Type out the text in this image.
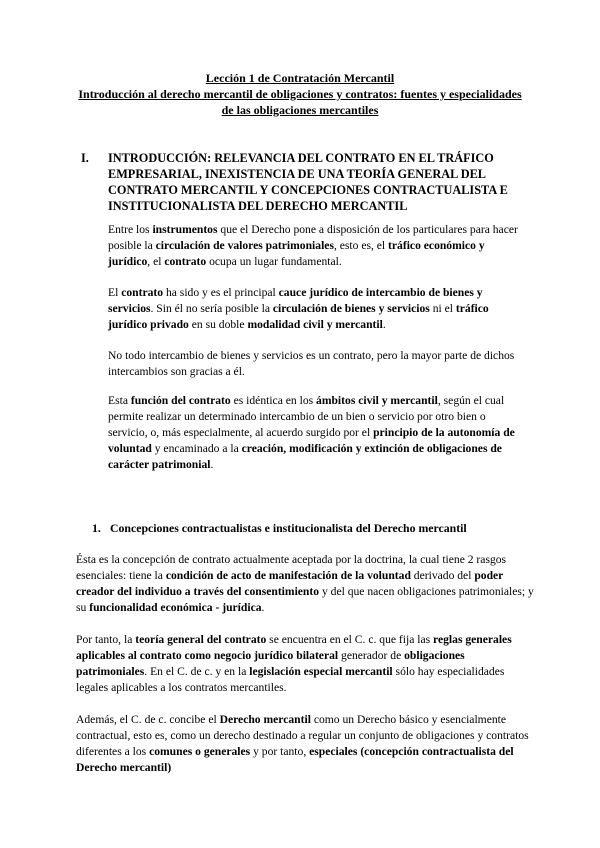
Lección 1 de Contratación Mercantil
Introducción al derecho mercantil de obligaciones y contratos: fuentes y especialidades
de las obligaciones mercantiles
I. INTRODUCCIÓN: RELEVANCIA DEL CONTRATO EN EL TRÁFICO EMPRESARIAL, INEXISTENCIA DE UNA TEORÍA GENERAL DEL CONTRATO MERCANTIL Y CONCEPCIONES CONTRACTUALISTA E INSTITUCIONALISTA DEL DERECHO MERCANTIL

Entre los instrumentos que el Derecho pone a disposición de los particulares para hacer posible la circulación de valores patrimoniales, esto es, el tráfico económico y jurídico, el contrato ocupa un lugar fundamental.

El contrato ha sido y es el principal cauce jurídico de intercambio de bienes y servicios. Sin él no sería posible la circulación de bienes y servicios ni el tráfico jurídico privado en su doble modalidad civil y mercantil.

No todo intercambio de bienes y servicios es un contrato, pero la mayor parte de dichos intercambios son gracias a él.

Esta función del contrato es idéntica en los ámbitos civil y mercantil, según el cual permite realizar un determinado intercambio de un bien o servicio por otro bien o servicio, o, más especialmente, al acuerdo surgido por el principio de la autonomía de voluntad y encaminado a la creación, modificación y extinción de obligaciones de carácter patrimonial.

1. Concepciones contractualistas e institucionalista del Derecho mercantil

Ésta es la concepción de contrato actualmente aceptada por la doctrina, la cual tiene 2 rasgos esenciales: tiene la condición de acto de manifestación de la voluntad derivado del poder creador del individuo a través del consentimiento y del que nacen obligaciones patrimoniales; y su funcionalidad económica - jurídica.

Por tanto, la teoría general del contrato se encuentra en el C. c. que fija las reglas generales aplicables al contrato como negocio jurídico bilateral generador de obligaciones patrimoniales. En el C. de c. y en la legislación especial mercantil sólo hay especialidades legales aplicables a los contratos mercantiles.

Además, el C. de c. concibe el Derecho mercantil como un Derecho básico y esencialmente contractual, esto es, como un derecho destinado a regular un conjunto de obligaciones y contratos diferentes a los comunes o generales y por tanto, especiales (concepción contractualista del Derecho mercantil)
